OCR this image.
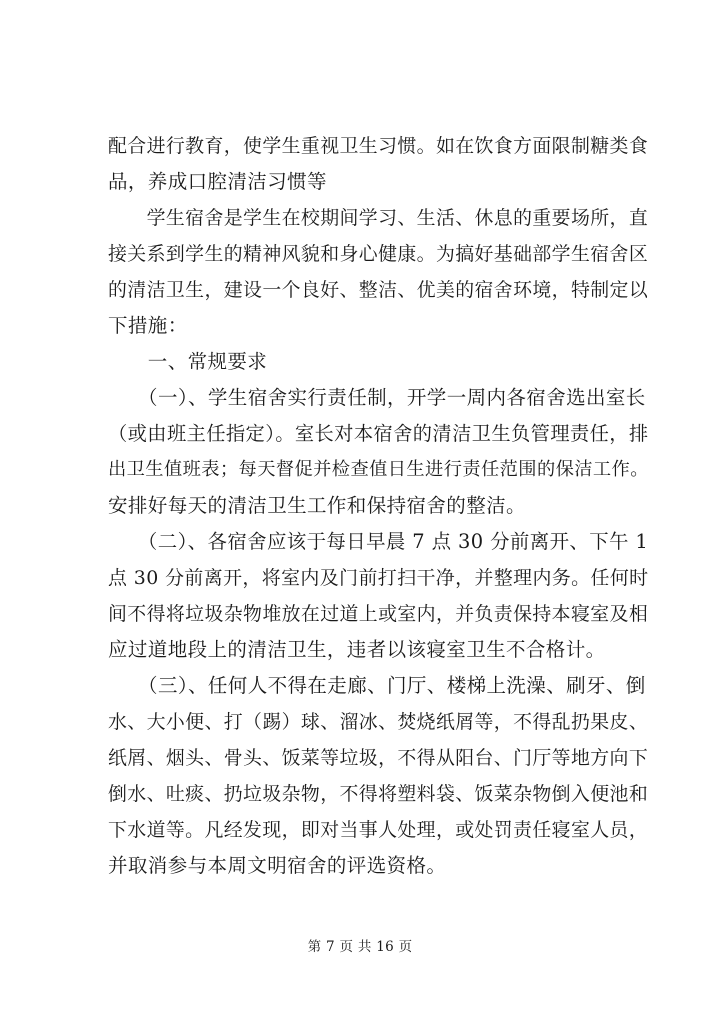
配合进行教育，使学生重视卫生习惯。如在饮食方面限制糖类食
品，养成口腔清洁习惯等
　　学生宿舍是学生在校期间学习、生活、休息的重要场所，直
接关系到学生的精神风貌和身心健康。为搞好基础部学生宿舍区
的清洁卫生，建设一个良好、整洁、优美的宿舍环境，特制定以
下措施：
　　一、常规要求
　　（一）、学生宿舍实行责任制，开学一周内各宿舍选出室长
（或由班主任指定）。室长对本宿舍的清洁卫生负管理责任，排
出卫生值班表；每天督促并检查值日生进行责任范围的保洁工作。
安排好每天的清洁卫生工作和保持宿舍的整洁。
　　（二）、各宿舍应该于每日早晨 7 点 30 分前离开、下午 1
点 30 分前离开，将室内及门前打扫干净，并整理内务。任何时
间不得将垃圾杂物堆放在过道上或室内，并负责保持本寝室及相
应过道地段上的清洁卫生，违者以该寝室卫生不合格计。
　　（三）、任何人不得在走廊、门厅、楼梯上洗澡、刷牙、倒
水、大小便、打（踢）球、溜冰、焚烧纸屑等，不得乱扔果皮、
纸屑、烟头、骨头、饭菜等垃圾，不得从阳台、门厅等地方向下
倒水、吐痰、扔垃圾杂物，不得将塑料袋、饭菜杂物倒入便池和
下水道等。凡经发现，即对当事人处理，或处罚责任寝室人员，
并取消参与本周文明宿舍的评选资格。
第 7 页 共 16 页
